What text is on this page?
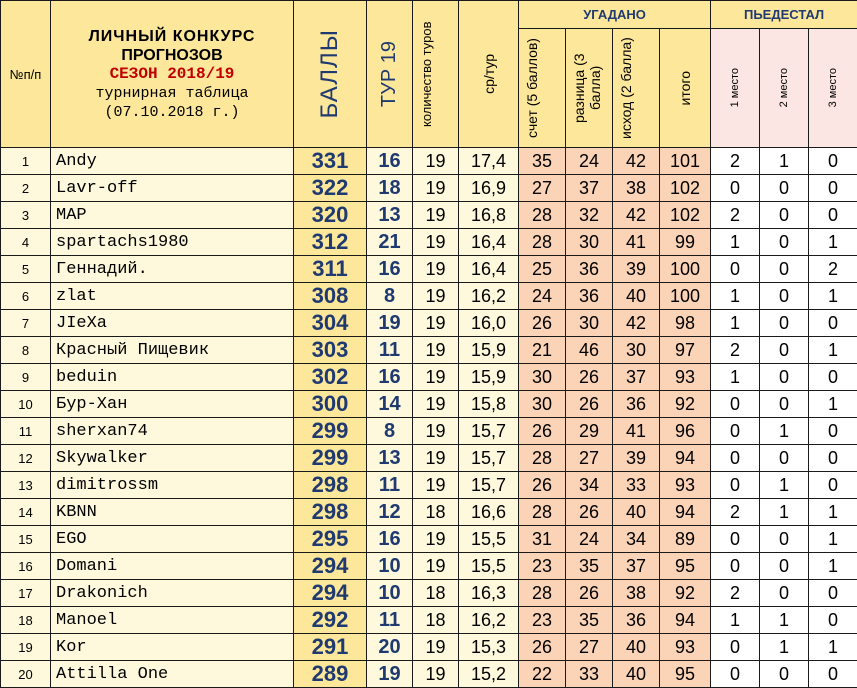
№п/п	ЛИЧНЫЙ КОНКУРС
ПРОГНОЗОВ
СЕЗОН 2018/19
турнирная таблица
(07.10.2018 г.)	БАЛЛЫ	ТУР 19	количество туров	ср/тур	УГАДАНО				ПЬЕДЕСТАЛ		

						счет (5 баллов)	разница (3 балла)	исход (2 балла)	итого	1 место	2 место	3 место

1	Andy	331	16	19	17,4	35	24	42	101	2	1	0
2	Lavr-off	322	18	19	16,9	27	37	38	102	0	0	0
3	MAP	320	13	19	16,8	28	32	42	102	2	0	0
4	spartachs1980	312	21	19	16,4	28	30	41	99	1	0	1
5	Геннадий.	311	16	19	16,4	25	36	39	100	0	0	2
6	zlat	308	8	19	16,2	24	36	40	100	1	0	1
7	JIeXa	304	19	19	16,0	26	30	42	98	1	0	0
8	Красный Пищевик	303	11	19	15,9	21	46	30	97	2	0	1
9	beduin	302	16	19	15,9	30	26	37	93	1	0	0
10	Бур-Хан	300	14	19	15,8	30	26	36	92	0	0	1
11	sherxan74	299	8	19	15,7	26	29	41	96	0	1	0
12	Skywalker	299	13	19	15,7	28	27	39	94	0	0	0
13	dimitrossm	298	11	19	15,7	26	34	33	93	0	1	0
14	KBNN	298	12	18	16,6	28	26	40	94	2	1	1
15	EGO	295	16	19	15,5	31	24	34	89	0	0	1
16	Domani	294	10	19	15,5	23	35	37	95	0	0	1
17	Drakonich	294	10	18	16,3	28	26	38	92	2	0	0
18	Manoel	292	11	18	16,2	23	35	36	94	1	1	0
19	Kor	291	20	19	15,3	26	27	40	93	0	1	1
20	Attilla One	289	19	19	15,2	22	33	40	95	0	0	0
